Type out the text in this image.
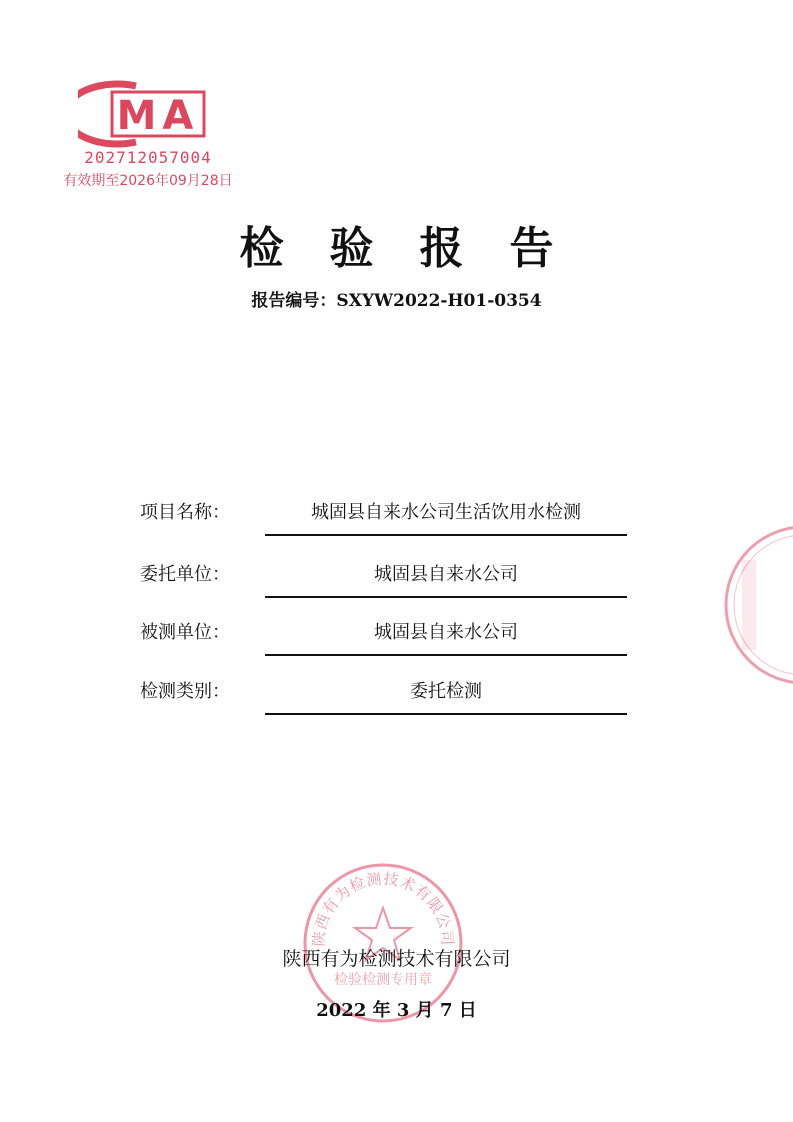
MA
202712057004
有效期至2026年09月28日
检验报告
报告编号：SXYW2022-H01-0354
项目名称：	城固县自来水公司生活饮用水检测
委托单位：	城固县自来水公司
被测单位：	城固县自来水公司
检测类别：	委托检测
陕西有为检测技术有限公司
检验检测专用章
陕西有为检测技术有限公司
2022 年 3 月 7 日
